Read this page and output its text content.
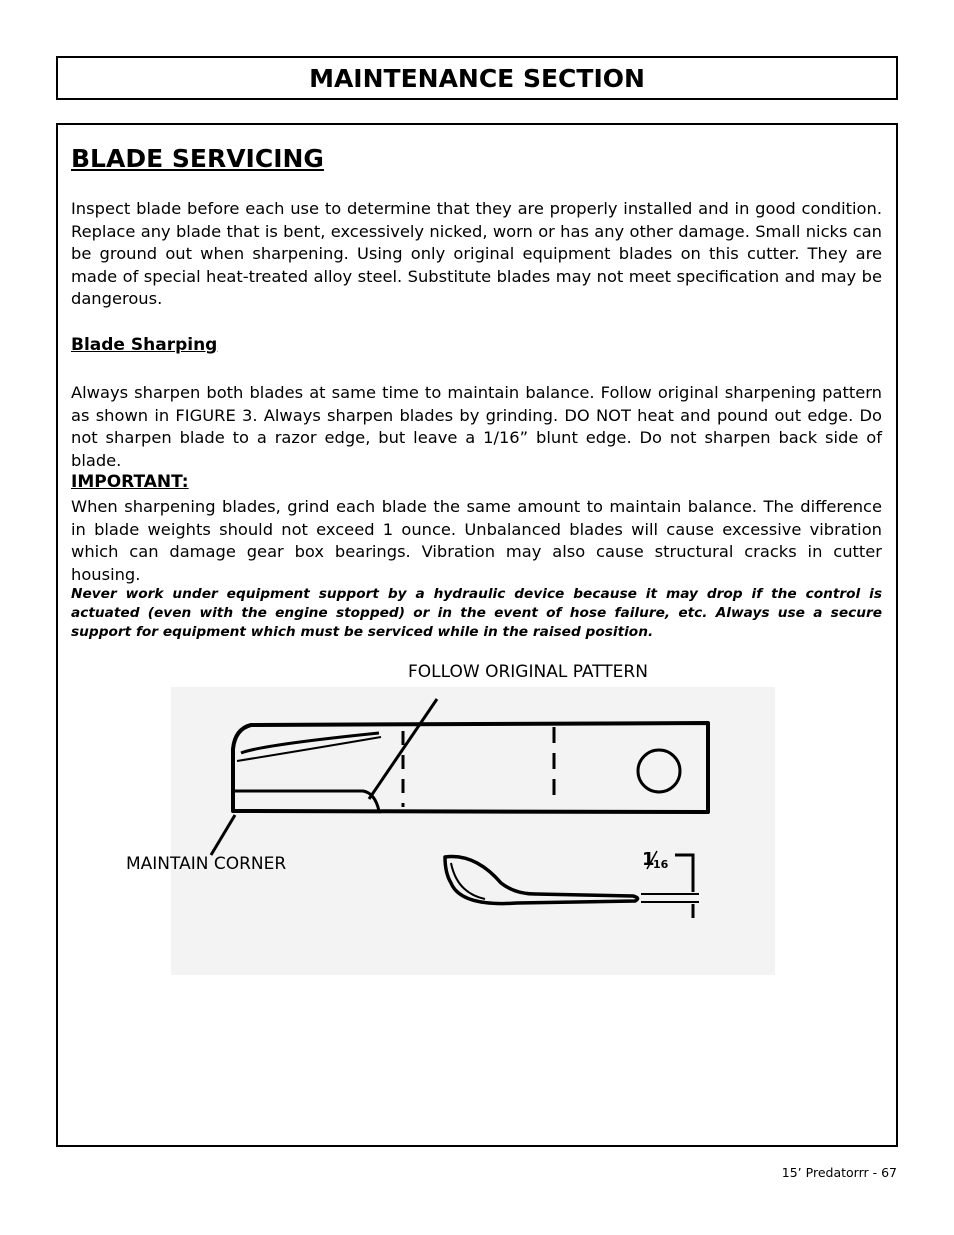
MAINTENANCE SECTION
BLADE SERVICING

Inspect blade before each use to determine that they are properly installed and in good condition. Replace any blade that is bent, excessively nicked, worn or has any other damage. Small nicks can be ground out when sharpening. Using only original equipment blades on this cutter. They are made of special heat-treated alloy steel. Substitute blades may not meet specification and may be dangerous.

Blade Sharping

Always sharpen both blades at same time to maintain balance. Follow original sharpening pattern as shown in FIGURE 3. Always sharpen blades by grinding. DO NOT heat and pound out edge. Do not sharpen blade to a razor edge, but leave a 1/16” blunt edge. Do not sharpen back side of blade.

IMPORTANT:

When sharpening blades, grind each blade the same amount to maintain balance. The difference in blade weights should not exceed 1 ounce. Unbalanced blades will cause excessive vibration which can damage gear box bearings. Vibration may also cause structural cracks in cutter housing.

Never work under equipment support by a hydraulic device because it may drop if the control is actuated (even with the engine stopped) or in the event of hose failure, etc. Always use a secure support for equipment which must be serviced while in the raised position.

FOLLOW ORIGINAL PATTERN

1
16

MAINTAIN CORNER

15’ Predatorrr - 67
